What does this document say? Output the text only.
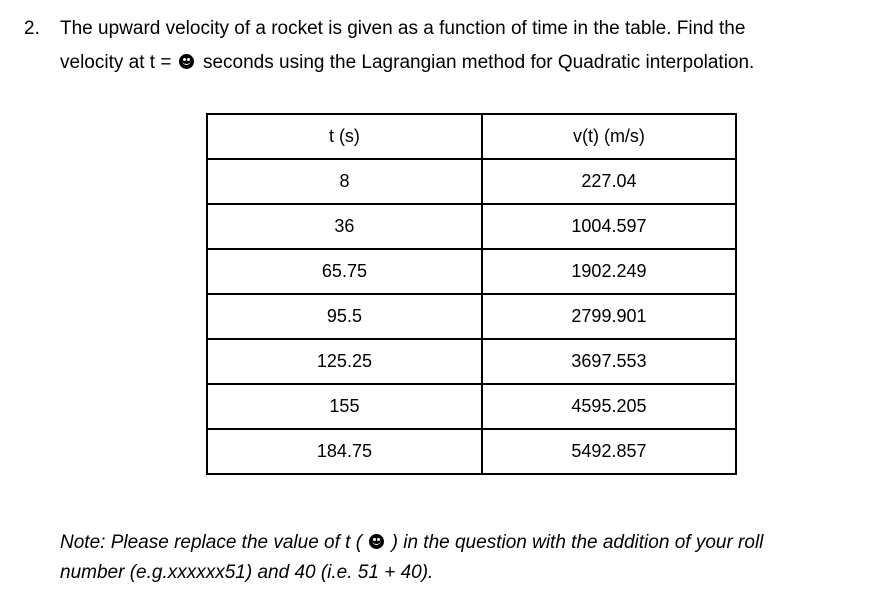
2. The upward velocity of a rocket is given as a function of time in the table. Find the
velocity at t = seconds using the Lagrangian method for Quadratic interpolation.
t (s)	v(t) (m/s)
8	227.04
36	1004.597
65.75	1902.249
95.5	2799.901
125.25	3697.553
155	4595.205
184.75	5492.857
Note: Please replace the value of t ( ) in the question with the addition of your roll
number (e.g.xxxxxx51) and 40 (i.e. 51 + 40).
